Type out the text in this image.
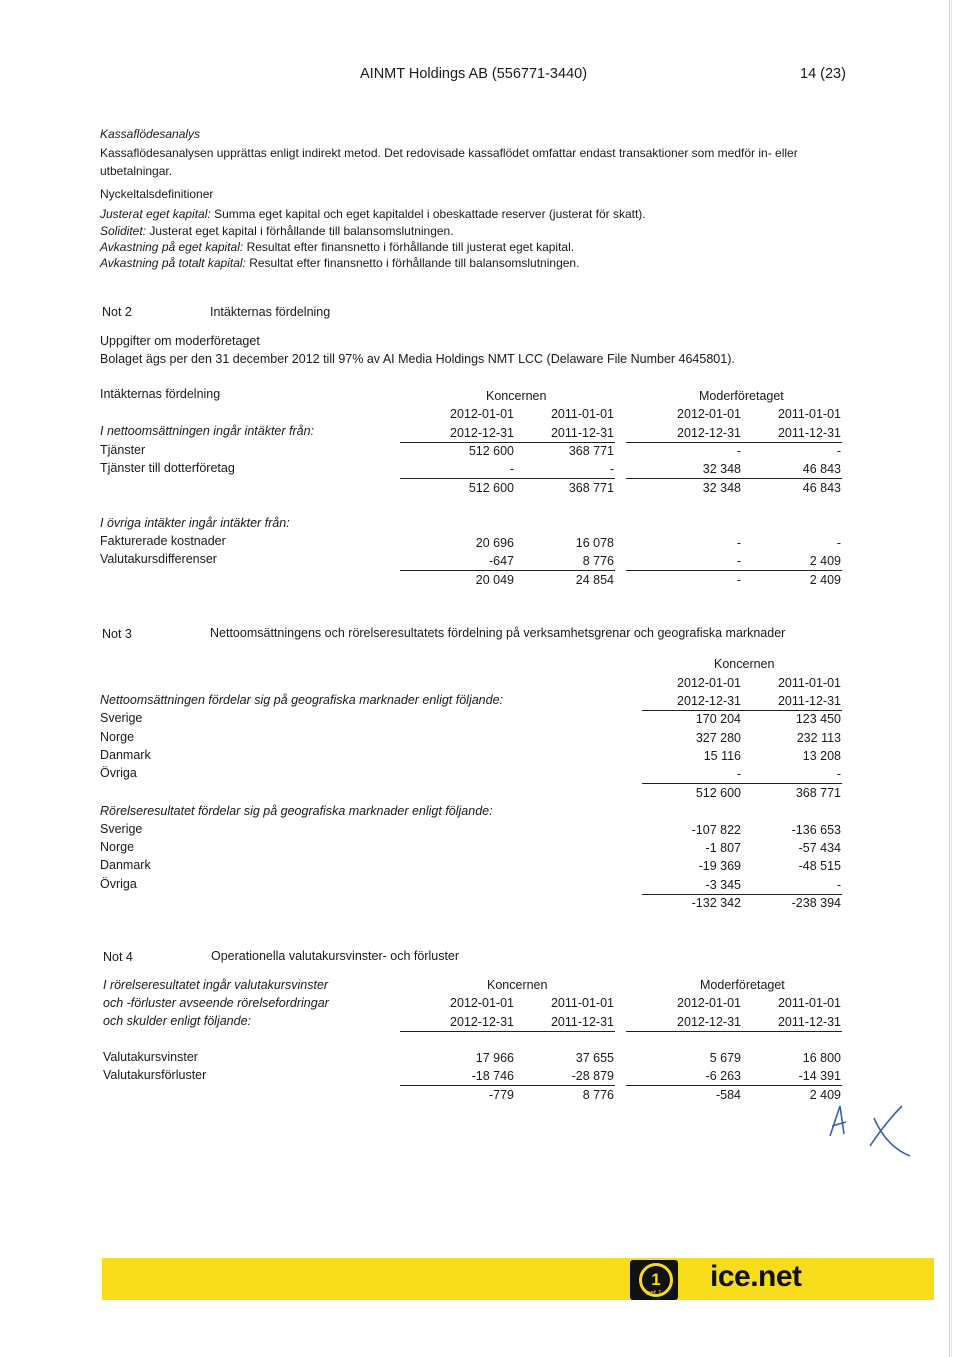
AINMT Holdings AB (556771-3440)	14 (23)
Kassaflödesanalys
Kassaflödesanalysen upprättas enligt indirekt metod. Det redovisade kassaflödet omfattar endast transaktioner som medför in- eller
utbetalningar.
Nyckeltalsdefinitioner
Justerat eget kapital: Summa eget kapital och eget kapitaldel i obeskattade reserver (justerat för skatt).
Soliditet: Justerat eget kapital i förhållande till balansomslutningen.
Avkastning på eget kapital: Resultat efter finansnetto i förhållande till justerat eget kapital.
Avkastning på totalt kapital: Resultat efter finansnetto i förhållande till balansomslutningen.
Not 2	Intäkternas fördelning
Uppgifter om moderföretaget
Bolaget ägs per den 31 december 2012 till 97% av AI Media Holdings NMT LCC (Delaware File Number 4645801).
Intäkternas fördelning	Koncernen	Moderföretaget
2012-01-01	2011-01-01	2012-01-01	2011-01-01
I nettoomsättningen ingår intäkter från:	2012-12-31	2011-12-31	2012-12-31	2011-12-31
Tjänster	512 600	368 771	-	-
Tjänster till dotterföretag	-	-	32 348	46 843
512 600	368 771	32 348	46 843
I övriga intäkter ingår intäkter från:
Fakturerade kostnader	20 696	16 078	-	-
Valutakursdifferenser	-647	8 776	-	2 409
20 049	24 854	-	2 409
Not 3	Nettoomsättningens och rörelseresultatets fördelning på verksamhetsgrenar och geografiska marknader
Koncernen
2012-01-01	2011-01-01
Nettoomsättningen fördelar sig på geografiska marknader enligt följande:	2012-12-31	2011-12-31
Sverige	170 204	123 450
Norge	327 280	232 113
Danmark	15 116	13 208
Övriga	-	-
512 600	368 771
Rörelseresultatet fördelar sig på geografiska marknader enligt följande:
Sverige	-107 822	-136 653
Norge	-1 807	-57 434
Danmark	-19 369	-48 515
Övriga	-3 345	-
-132 342	-238 394
Not 4	Operationella valutakursvinster- och förluster
I rörelseresultatet ingår valutakursvinster
och -förluster avseende rörelsefordringar
och skulder enligt följande:
Koncernen	Moderföretaget
2012-01-01	2011-01-01	2012-01-01	2011-01-01
2012-12-31	2011-12-31	2012-12-31	2011-12-31
Valutakursvinster	17 966	37 655	5 679	16 800
Valutakursförluster	-18 746	-28 879	-6 263	-14 391
-779	8 776	-584	2 409
1
net 1
ice.net
